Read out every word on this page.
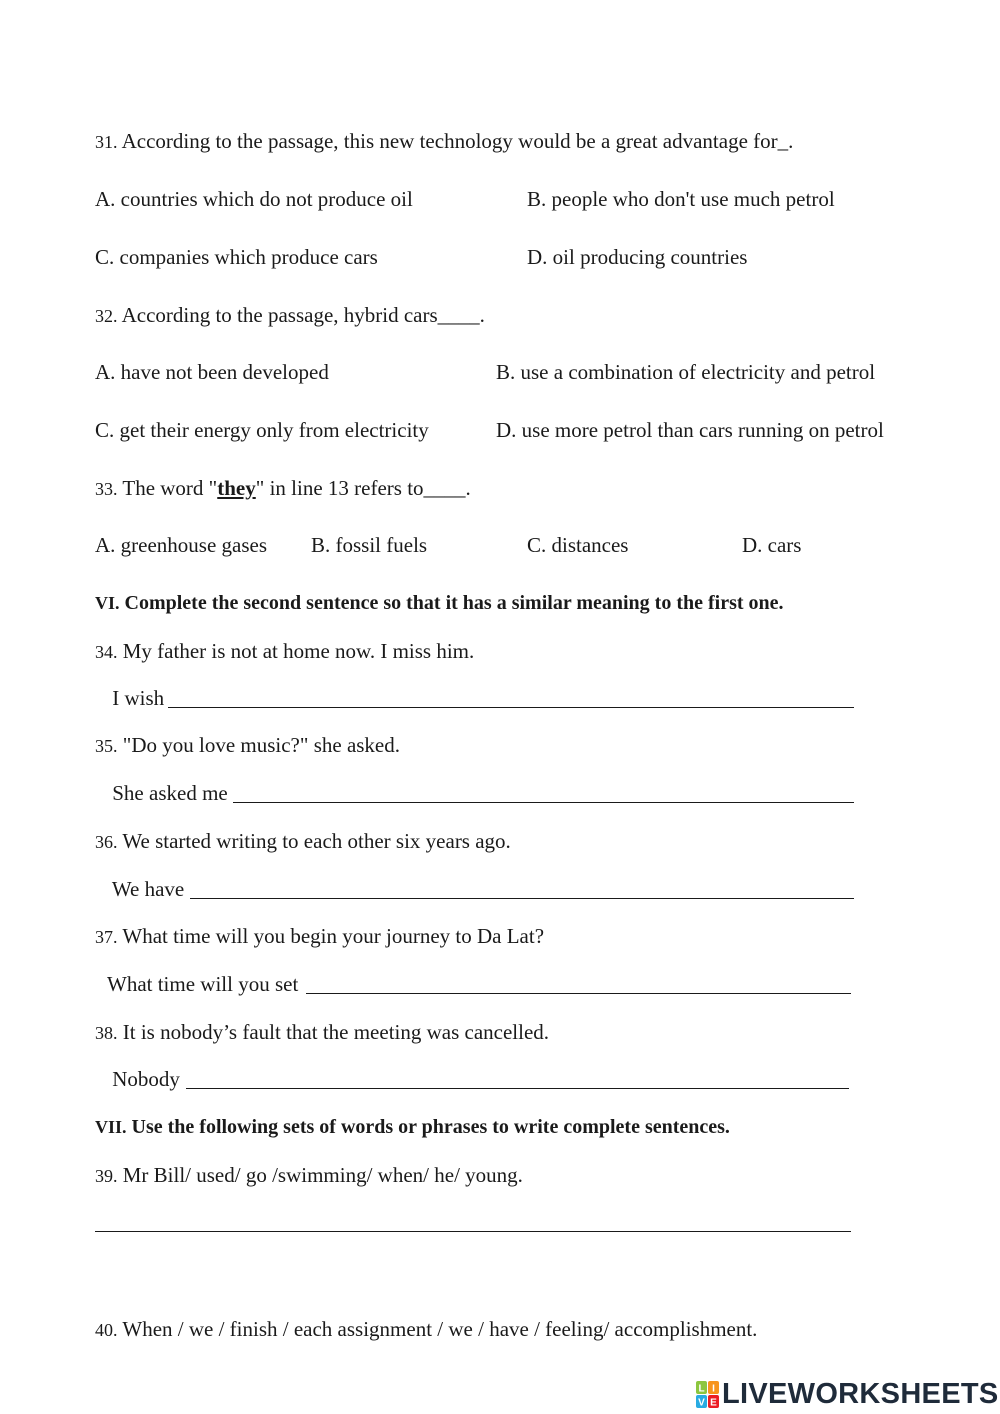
31. According to the passage, this new technology would be a great advantage for_.
A. countries which do not produce oil	B. people who don't use much petrol
C. companies which produce cars	D. oil producing countries
32. According to the passage, hybrid cars____.
A. have not been developed	B. use a combination of electricity and petrol
C. get their energy only from electricity	D. use more petrol than cars running on petrol
33. The word "they" in line 13 refers to____.
A. greenhouse gases B. fossil fuels	C. distances	D. cars
VI. Complete the second sentence so that it has a similar meaning to the first one.
34. My father is not at home now. I miss him.
I wish
35. "Do you love music?" she asked.
She asked me
36. We started writing to each other six years ago.
We have
37. What time will you begin your journey to Da Lat?
What time will you set
38. It is nobody’s fault that the meeting was cancelled.
Nobody
VII. Use the following sets of words or phrases to write complete sentences.
39. Mr Bill/ used/ go /swimming/ when/ he/ young.
40. When / we / finish / each assignment / we / have / feeling/ accomplishment.
L I
V E LIVEWORKSHEETS
